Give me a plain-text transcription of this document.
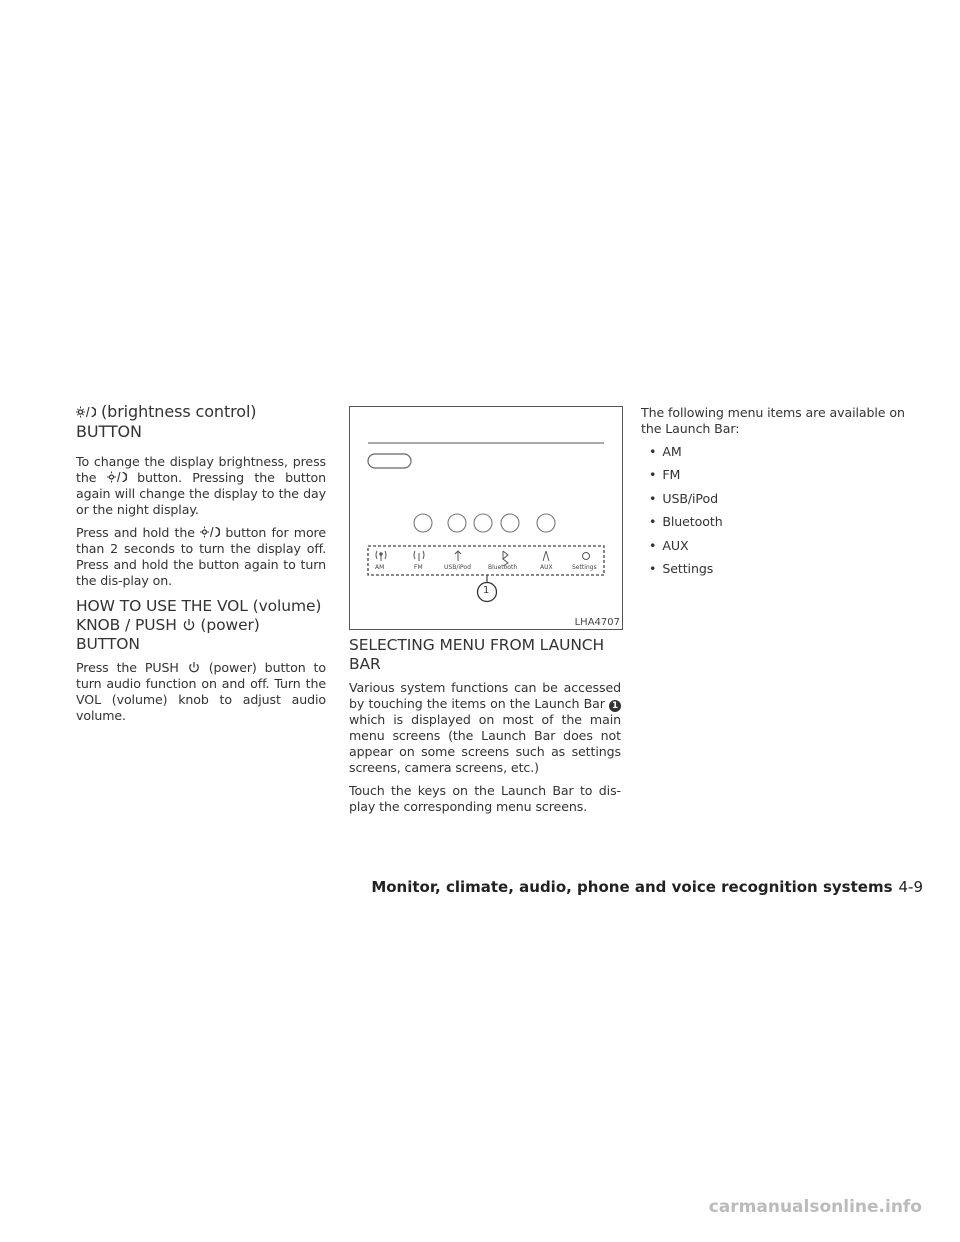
(brightness control) BUTTON

To change the display brightness, press the	button. Pressing the button again will change the display to the day or the night display.

Press and hold the button for more than 2 seconds to turn the display off. Press and hold the button again to turn the dis-play on.

HOW TO USE THE VOL (volume) KNOB / PUSH (power) BUTTON

Press the PUSH (power) button to turn audio function on and off. Turn the VOL (volume) knob to adjust audio volume.

AM	FM	USB/iPod	Bluetooth	AUX	Settings
1
LHA4707
SELECTING MENU FROM LAUNCH BAR

Various system functions can be accessed by touching the items on the Launch Bar 1 which is displayed on most of the main menu screens (the Launch Bar does not appear on some screens such as settings screens, camera screens, etc.)

Touch the keys on the Launch Bar to dis-play the corresponding menu screens.

The following menu items are available on the Launch Bar:

• AM
• FM
• USB/iPod
• Bluetooth
• AUX
• Settings
Monitor, climate, audio, phone and voice recognition systems 4-9
carmanualsonline.info
